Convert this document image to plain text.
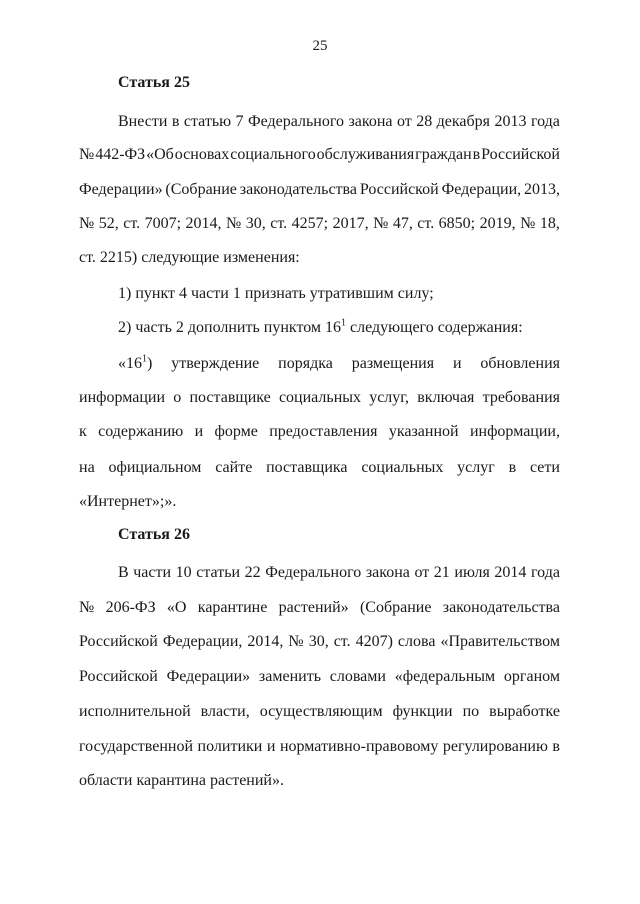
25
Статья 25
Внести в статью 7 Федерального закона от 28 декабря 2013 года
№ 442-ФЗ «Об основах социального обслуживания граждан в Российской
Федерации» (Собрание законодательства Российской Федерации, 2013,
№ 52, ст. 7007; 2014, № 30, ст. 4257; 2017, № 47, ст. 6850; 2019, № 18,
ст. 2215) следующие изменения:
1) пункт 4 части 1 признать утратившим силу;
2) часть 2 дополнить пунктом $16^1$ следующего содержания:
«$16^1$) утверждение порядка размещения и обновления
информации о поставщике социальных услуг, включая требования
к содержанию и форме предоставления указанной информации,
на официальном сайте поставщика социальных услуг в сети
«Интернет»;».
Статья 26
В части 10 статьи 22 Федерального закона от 21 июля 2014 года
№ 206-ФЗ «О карантине растений» (Собрание законодательства
Российской Федерации, 2014, № 30, ст. 4207) слова «Правительством
Российской Федерации» заменить словами «федеральным органом
исполнительной власти, осуществляющим функции по выработке
государственной политики и нормативно-правовому регулированию в
области карантина растений».
